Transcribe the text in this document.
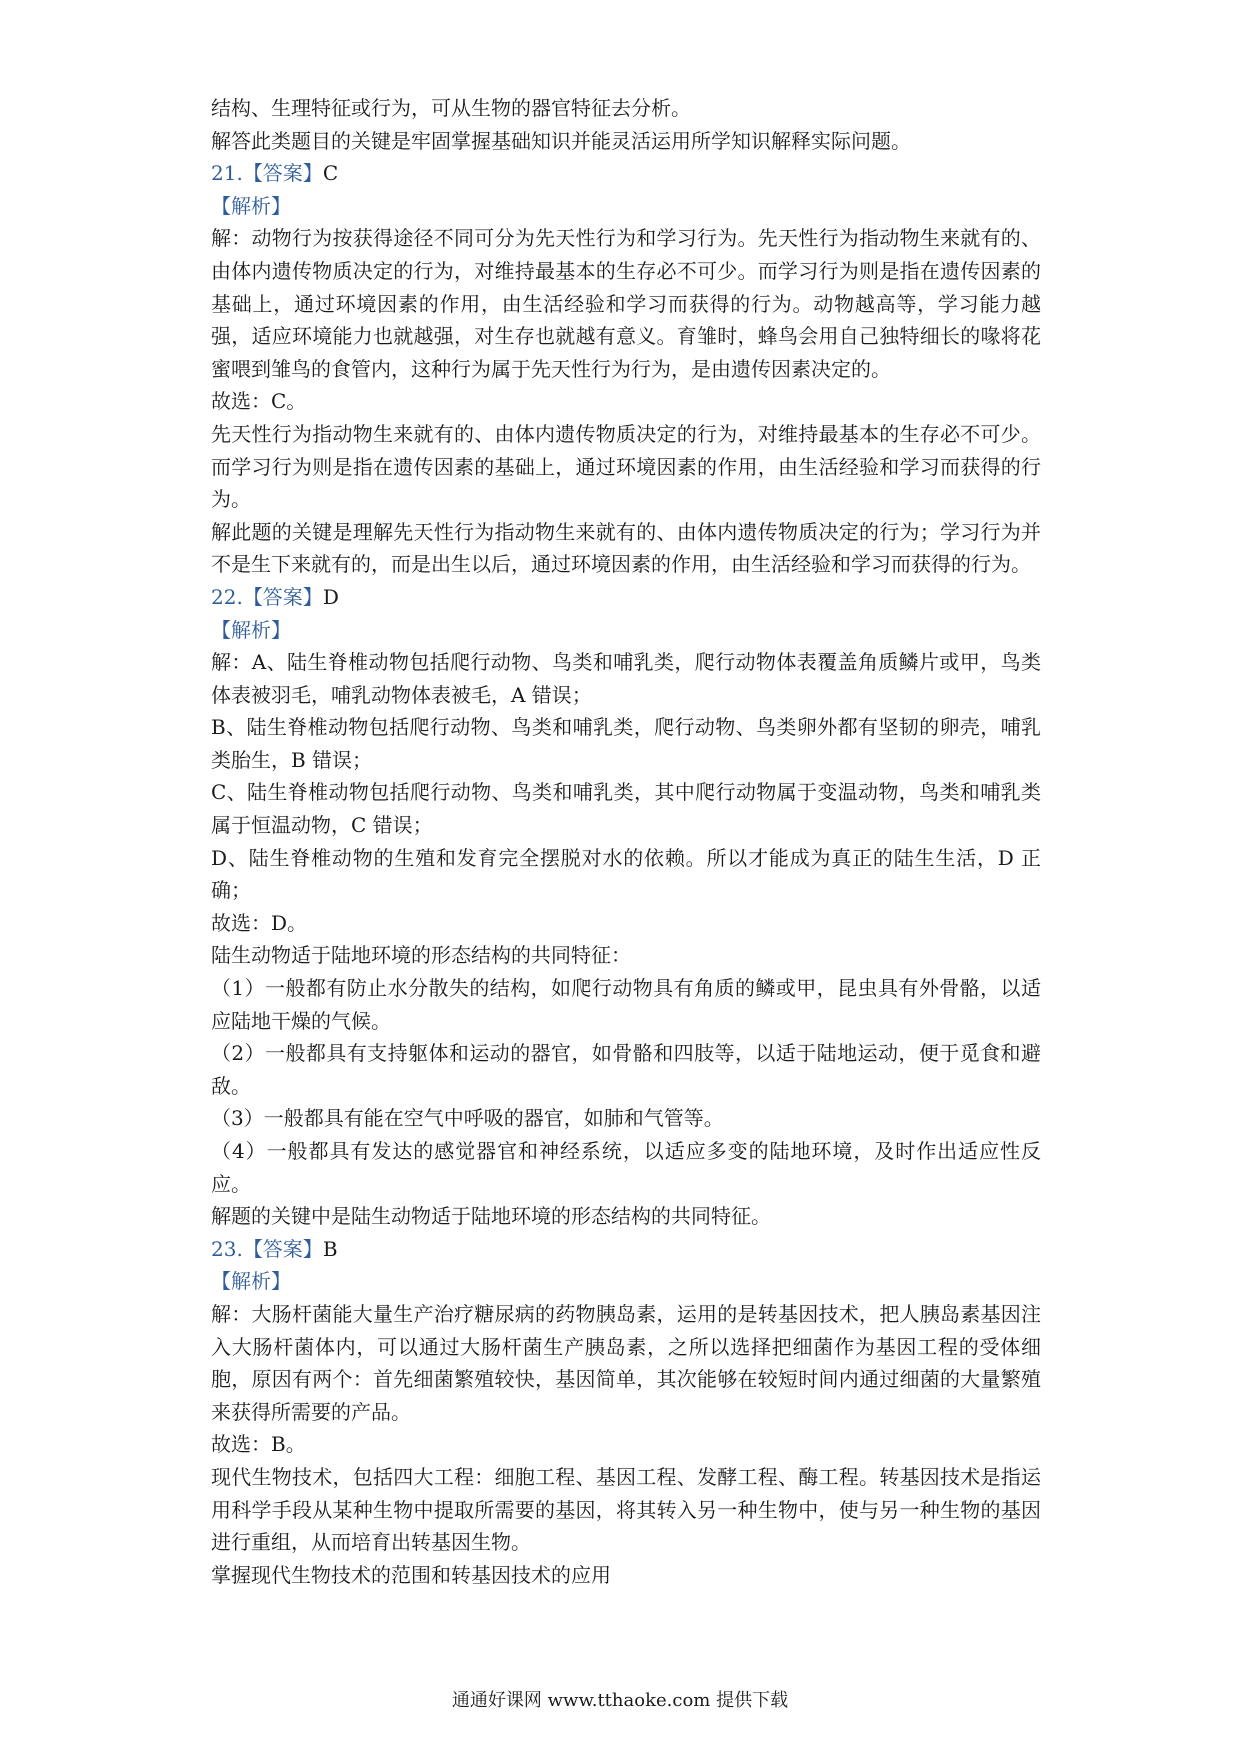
结构、生理特征或行为，可从生物的器官特征去分析。

解答此类题目的关键是牢固掌握基础知识并能灵活运用所学知识解释实际问题。

21.【答案】C

【解析】

解：动物行为按获得途径不同可分为先天性行为和学习行为。先天性行为指动物生来就有的、由体内遗传物质决定的行为，对维持最基本的生存必不可少。而学习行为则是指在遗传因素的基础上，通过环境因素的作用，由生活经验和学习而获得的行为。动物越高等，学习能力越强，适应环境能力也就越强，对生存也就越有意义。育雏时，蜂鸟会用自己独特细长的喙将花蜜喂到雏鸟的食管内，这种行为属于先天性行为行为，是由遗传因素决定的。

故选：C。

先天性行为指动物生来就有的、由体内遗传物质决定的行为，对维持最基本的生存必不可少。而学习行为则是指在遗传因素的基础上，通过环境因素的作用，由生活经验和学习而获得的行为。

解此题的关键是理解先天性行为指动物生来就有的、由体内遗传物质决定的行为；学习行为并不是生下来就有的，而是出生以后，通过环境因素的作用，由生活经验和学习而获得的行为。

22.【答案】D

【解析】

解：A、陆生脊椎动物包括爬行动物、鸟类和哺乳类，爬行动物体表覆盖角质鳞片或甲，鸟类体表被羽毛，哺乳动物体表被毛，A 错误；

B、陆生脊椎动物包括爬行动物、鸟类和哺乳类，爬行动物、鸟类卵外都有坚韧的卵壳，哺乳类胎生，B 错误；

C、陆生脊椎动物包括爬行动物、鸟类和哺乳类，其中爬行动物属于变温动物，鸟类和哺乳类属于恒温动物，C 错误；

D、陆生脊椎动物的生殖和发育完全摆脱对水的依赖。所以才能成为真正的陆生生活，D 正确；

故选：D。

陆生动物适于陆地环境的形态结构的共同特征：

（1）一般都有防止水分散失的结构，如爬行动物具有角质的鳞或甲，昆虫具有外骨骼，以适应陆地干燥的气候。

（2）一般都具有支持躯体和运动的器官，如骨骼和四肢等，以适于陆地运动，便于觅食和避敌。

（3）一般都具有能在空气中呼吸的器官，如肺和气管等。

（4）一般都具有发达的感觉器官和神经系统，以适应多变的陆地环境，及时作出适应性反应。

解题的关键中是陆生动物适于陆地环境的形态结构的共同特征。

23.【答案】B

【解析】

解：大肠杆菌能大量生产治疗糖尿病的药物胰岛素，运用的是转基因技术，把人胰岛素基因注入大肠杆菌体内，可以通过大肠杆菌生产胰岛素，之所以选择把细菌作为基因工程的受体细胞，原因有两个：首先细菌繁殖较快，基因简单，其次能够在较短时间内通过细菌的大量繁殖来获得所需要的产品。

故选：B。

现代生物技术，包括四大工程：细胞工程、基因工程、发酵工程、酶工程。转基因技术是指运用科学手段从某种生物中提取所需要的基因，将其转入另一种生物中，使与另一种生物的基因进行重组，从而培育出转基因生物。

掌握现代生物技术的范围和转基因技术的应用

通通好课网 www.tthaoke.com 提供下载
